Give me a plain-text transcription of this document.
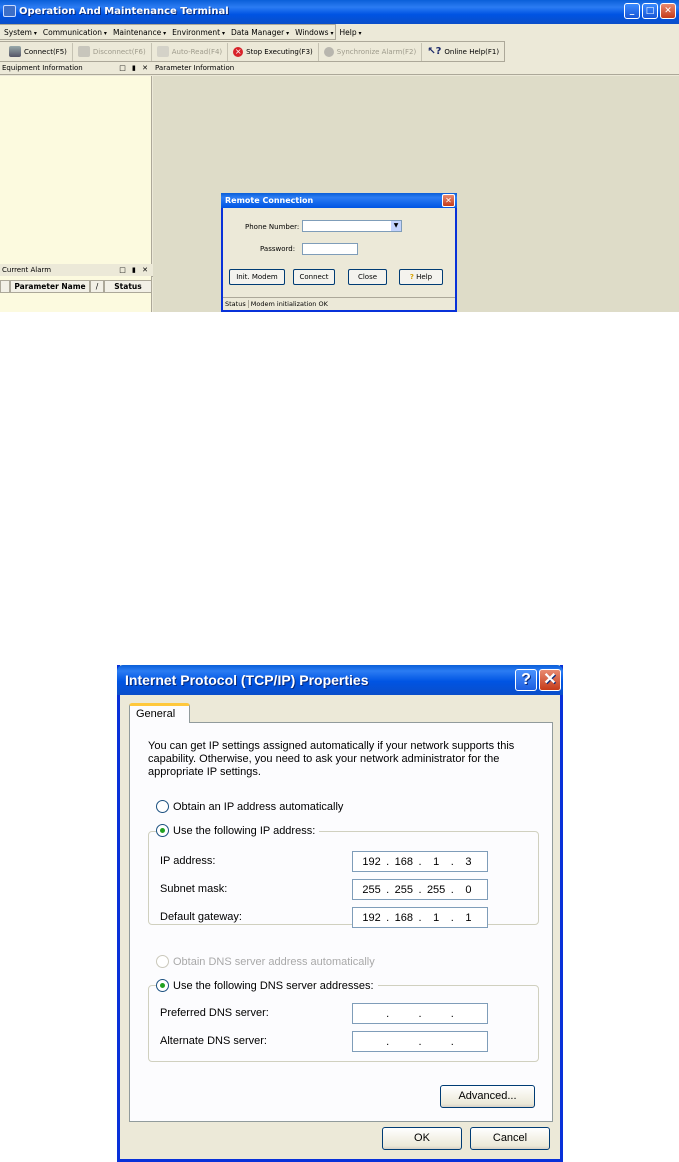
Operation And Maintenance Terminal	_	□	✕
System ▾	Communication ▾	Maintenance ▾	Environment ▾	Data Manager ▾	Windows ▾	Help ▾
Connect(F5)	Disconnect(F6)	Auto-Read(F4) × Stop Executing(F3)	Synchronize Alarm(F2) ↖? Online Help(F1)
Equipment Information	□ ▮ ✕ Parameter Information
Current Alarm	□ ▮ ✕
Parameter Name	/	Status
Remote Connection	✕
Phone Number:	▼
Password:
Init. Modem	Connect	Close	? Help
Status Modem initialization OK
Internet Protocol (TCP/IP) Properties	? ✕
General
You can get IP settings assigned automatically if your network supports this capability. Otherwise, you need to ask your network administrator for the appropriate IP settings.
Obtain an IP address automatically
Use the following IP address:
IP address:	192 . 168 .	1	.	3
Subnet mask:	255 . 255 . 255 .	0
Default gateway:	192 . 168 .	1	.	1
Obtain DNS server address automatically
Use the following DNS server addresses:
Preferred DNS server:	.	.	.
Alternate DNS server:	.	.	.
Advanced...
OK	Cancel
